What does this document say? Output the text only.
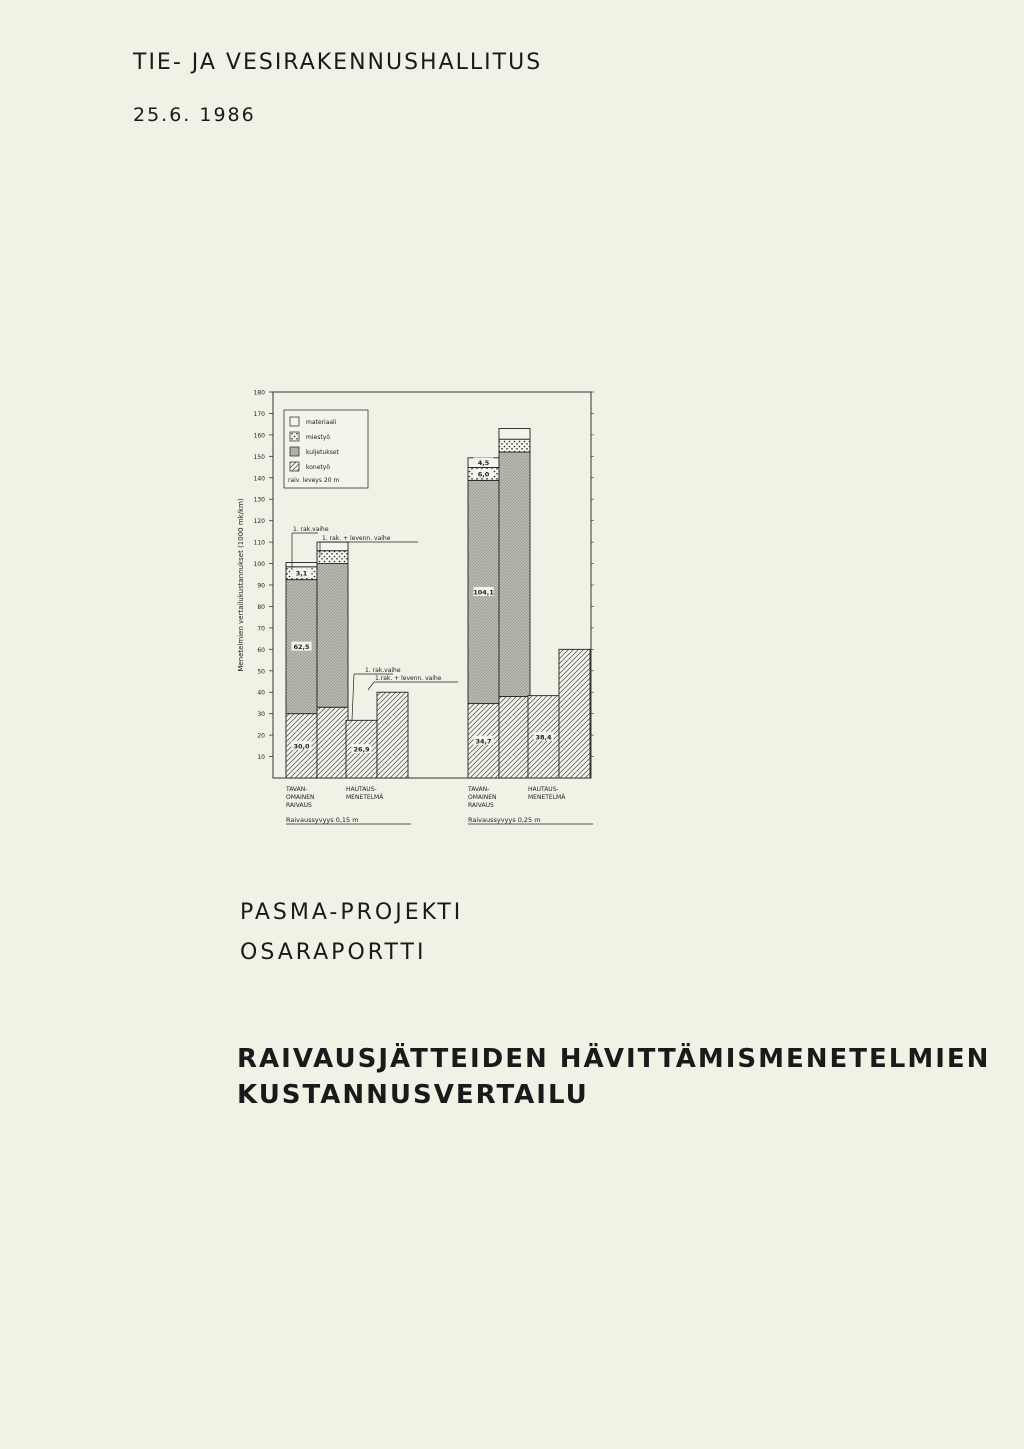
TIE- JA VESIRAKENNUSHALLITUS
25.6. 1986
10
20
30
40
50
60
70
80
90
100
110
120
130
140
150
160
170
180
Menetelmien vertailukustannukset (1000 mk/km)
materiaali
miestyö
kuljetukset
konetyö
raiv. leveys 20 m
30,0
62,5
3,1
TAVAN-
OMAINEN
RAIVAUS
26,9
HAUTAUS-
MENETELMÄ
34,7
104,1
6,0
4,5
TAVAN-
OMAINEN
RAIVAUS
38,4
HAUTAUS-
MENETELMÄ
1. rak.vaihe
1. rak. + levenn. vaihe
1. rak.vaihe
1.rak. + levenn. vaihe
Raivaussyvyys 0,15 m	Raivaussyvyys 0,25 m
PASMA-PROJEKTI
OSARAPORTTI
RAIVAUSJÄTTEIDEN HÄVITTÄMISMENETELMIEN
KUSTANNUSVERTAILU
